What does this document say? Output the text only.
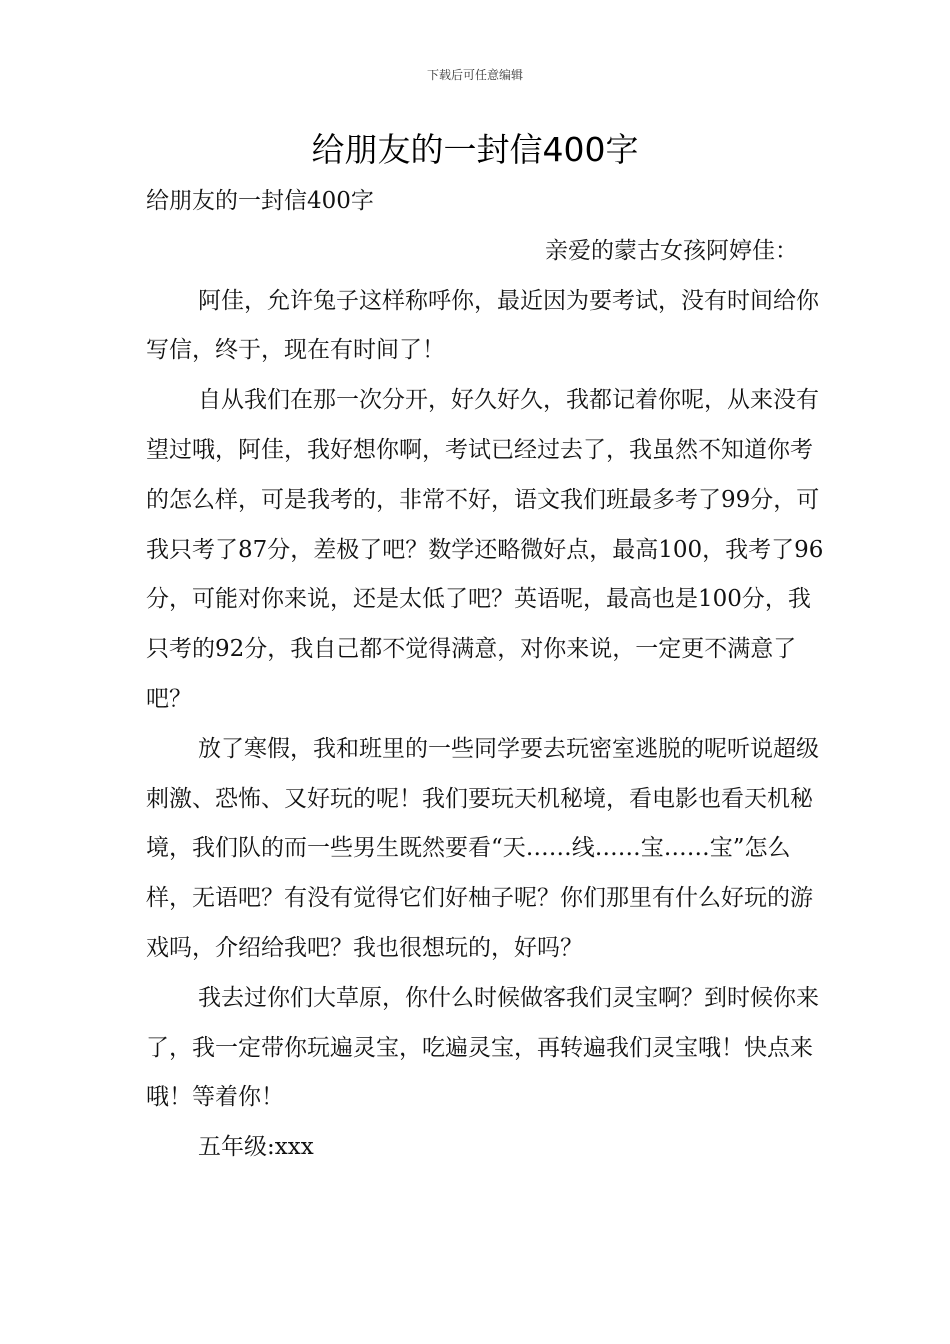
下载后可任意编辑
给朋友的一封信400字

给朋友的一封信400字

亲爱的蒙古女孩阿婷佳：

阿佳，允许兔子这样称呼你，最近因为要考试，没有时间给你写信，终于，现在有时间了！

自从我们在那一次分开，好久好久，我都记着你呢，从来没有望过哦，阿佳，我好想你啊，考试已经过去了，我虽然不知道你考的怎么样，可是我考的，非常不好，语文我们班最多考了99分，可我只考了87分，差极了吧？数学还略微好点，最高100，我考了96分，可能对你来说，还是太低了吧？英语呢，最高也是100分，我只考的92分，我自己都不觉得满意，对你来说，一定更不满意了吧？

放了寒假，我和班里的一些同学要去玩密室逃脱的呢听说超级刺激、恐怖、又好玩的呢！我们要玩天机秘境，看电影也看天机秘境，我们队的而一些男生既然要看“天……线……宝……宝”怎么样，无语吧？有没有觉得它们好柚子呢？你们那里有什么好玩的游戏吗，介绍给我吧？我也很想玩的，好吗？

我去过你们大草原，你什么时候做客我们灵宝啊？到时候你来了，我一定带你玩遍灵宝，吃遍灵宝，再转遍我们灵宝哦！快点来哦！等着你！

五年级:xxx
